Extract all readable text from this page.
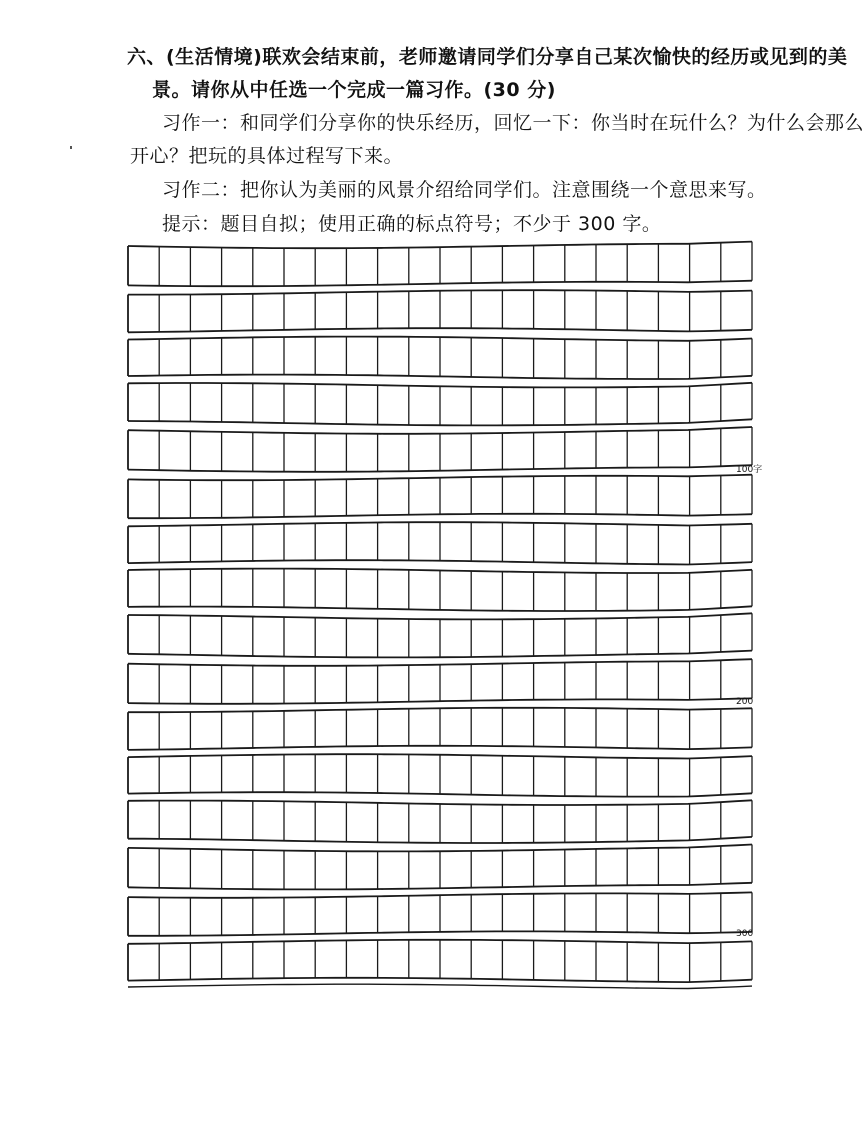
六、(生活情境)联欢会结束前，老师邀请同学们分享自己某次愉快的经历或见到的美
景。请你从中任选一个完成一篇习作。(30 分)
习作一：和同学们分享你的快乐经历，回忆一下：你当时在玩什么？为什么会那么
开心？把玩的具体过程写下来。
习作二：把你认为美丽的风景介绍给同学们。注意围绕一个意思来写。
提示：题目自拟；使用正确的标点符号；不少于 300 字。
100字
200
300
